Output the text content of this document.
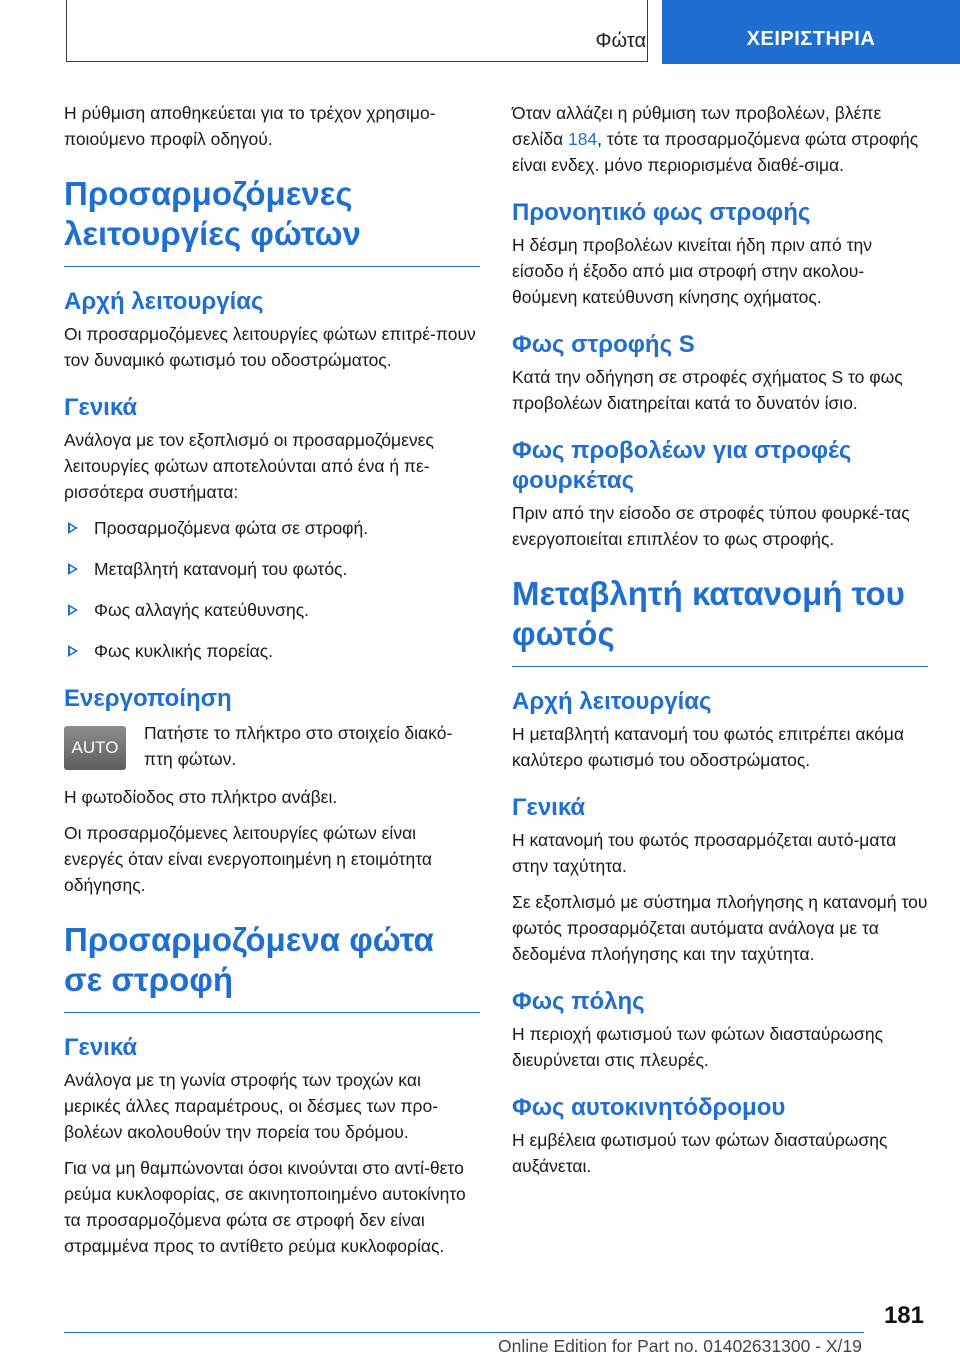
Φώτα	ΧΕΙΡΙΣΤΗΡΙΑ

Η ρύθμιση αποθηκεύεται για το τρέχον χρησιμο‐ποιούμενο προφίλ οδηγού.

Προσαρμοζόμενες λειτουργίες φώτων
Αρχή λειτουργίας

Οι προσαρμοζόμενες λειτουργίες φώτων επιτρέ‐πουν τον δυναμικό φωτισμό του οδοστρώματος.

Γενικά

Ανάλογα με τον εξοπλισμό οι προσαρμοζόμενες λειτουργίες φώτων αποτελούνται από ένα ή πε‐ρισσότερα συστήματα:

Προσαρμοζόμενα φώτα σε στροφή.
Μεταβλητή κατανομή του φωτός.
Φως αλλαγής κατεύθυνσης.
Φως κυκλικής πορείας.
Ενεργοποίηση
AUTO

Πατήστε το πλήκτρο στο στοιχείο διακό‐πτη φώτων.

Η φωτοδίοδος στο πλήκτρο ανάβει.

Οι προσαρμοζόμενες λειτουργίες φώτων είναι ενεργές όταν είναι ενεργοποιημένη η ετοιμότητα οδήγησης.

Προσαρμοζόμενα φώτα σε στροφή
Γενικά

Ανάλογα με τη γωνία στροφής των τροχών και μερικές άλλες παραμέτρους, οι δέσμες των προ‐βολέων ακολουθούν την πορεία του δρόμου.

Για να μη θαμπώνονται όσοι κινούνται στο αντί‐θετο ρεύμα κυκλοφορίας, σε ακινητοποιημένο αυτοκίνητο τα προσαρμοζόμενα φώτα σε στροφή δεν είναι στραμμένα προς το αντίθετο ρεύμα κυκλοφορίας.

Όταν αλλάζει η ρύθμιση των προβολέων, βλέπε σελίδα 184, τότε τα προσαρμοζόμενα φώτα στροφής είναι ενδεχ. μόνο περιορισμένα διαθέ‐σιμα.

Προνοητικό φως στροφής

Η δέσμη προβολέων κινείται ήδη πριν από την είσοδο ή έξοδο από μια στροφή στην ακολου‐θούμενη κατεύθυνση κίνησης οχήματος.

Φως στροφής S

Κατά την οδήγηση σε στροφές σχήματος S το φως προβολέων διατηρείται κατά το δυνατόν ίσιο.

Φως προβολέων για στροφές φουρκέτας

Πριν από την είσοδο σε στροφές τύπου φουρκέ‐τας ενεργοποιείται επιπλέον το φως στροφής.

Μεταβλητή κατανομή του φωτός
Αρχή λειτουργίας

Η μεταβλητή κατανομή του φωτός επιτρέπει ακόμα καλύτερο φωτισμό του οδοστρώματος.

Γενικά

Η κατανομή του φωτός προσαρμόζεται αυτό‐ματα στην ταχύτητα.

Σε εξοπλισμό με σύστημα πλοήγησης η κατανομή του φωτός προσαρμόζεται αυτόματα ανάλογα με τα δεδομένα πλοήγησης και την ταχύτητα.

Φως πόλης

Η περιοχή φωτισμού των φώτων διασταύρωσης διευρύνεται στις πλευρές.

Φως αυτοκινητόδρομου

Η εμβέλεια φωτισμού των φώτων διασταύρωσης αυξάνεται.

181
Online Edition for Part no. 01402631300 - X/19
